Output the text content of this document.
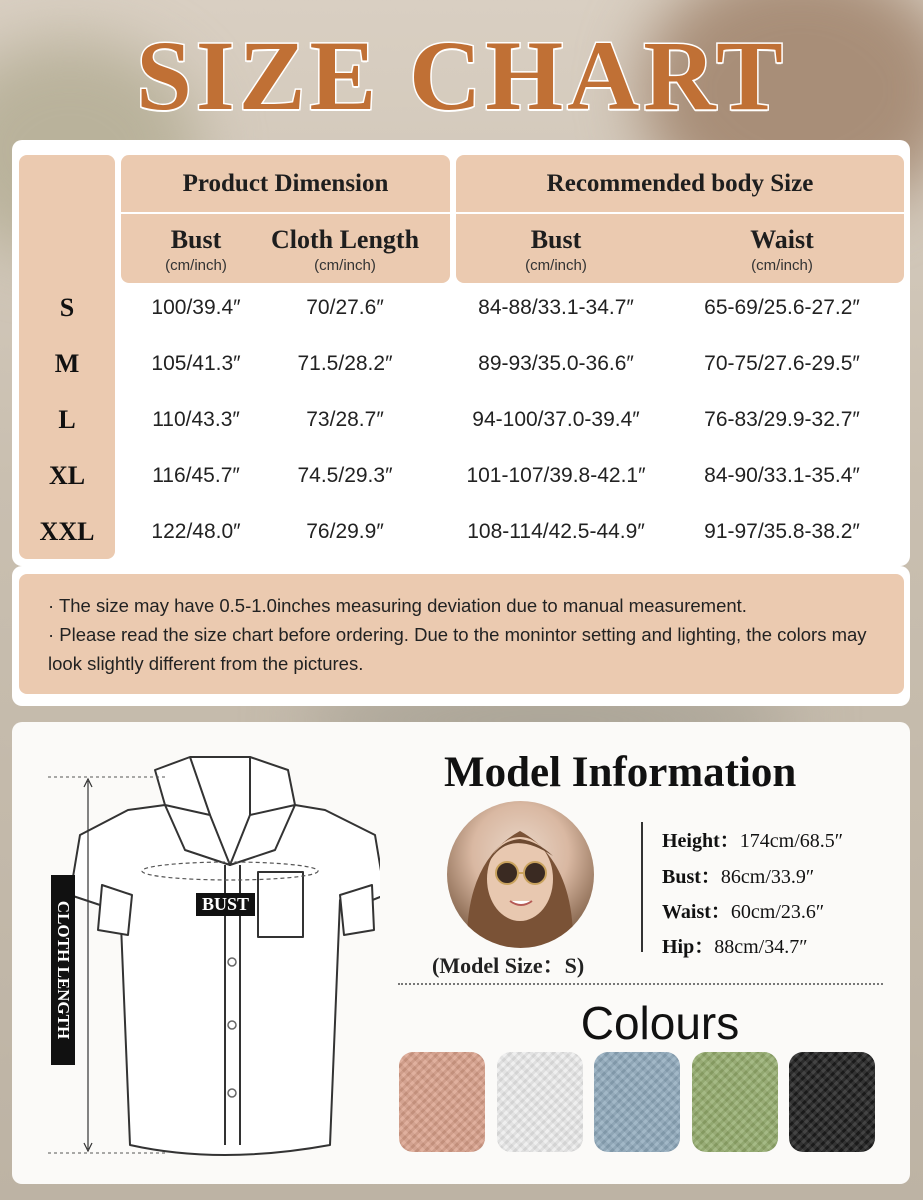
SIZE CHART
Product Dimension	Recommended body Size
Bust
(cm/inch)
Cloth Length
(cm/inch)
Bust
(cm/inch)
Waist
(cm/inch)
S	100/39.4″	70/27.6″	84-88/33.1-34.7″	65-69/25.6-27.2″
M	105/41.3″	71.5/28.2″	89-93/35.0-36.6″	70-75/27.6-29.5″
L	110/43.3″	73/28.7″	94-100/37.0-39.4″	76-83/29.9-32.7″
XL	116/45.7″	74.5/29.3″	101-107/39.8-42.1″	84-90/33.1-35.4″
XXL	122/48.0″	76/29.9″	108-114/42.5-44.9″	91-97/35.8-38.2″
· The size may have 0.5-1.0inches measuring deviation due to manual measurement.
· Please read the size chart before ordering. Due to the monintor setting and lighting, the colors may look slightly different from the pictures.
BUST
CLOTH LENGTH
Model Information
Height：174cm/68.5″
Bust：86cm/33.9″
Waist：60cm/23.6″
Hip：88cm/34.7″
(Model Size：S)
Colours
